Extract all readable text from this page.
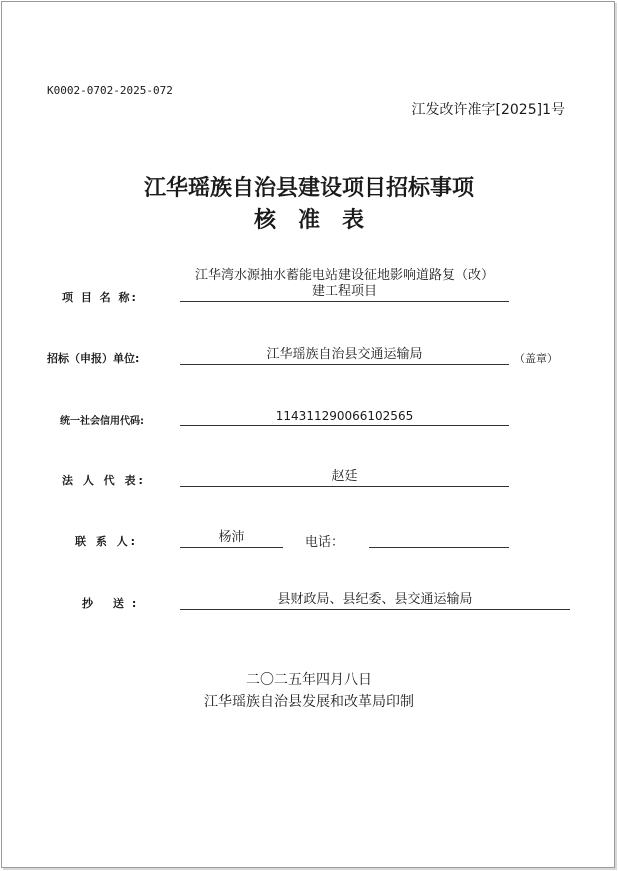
K0002-0702-2025-072
江发改许准字[2025]1号
江华瑶族自治县建设项目招标事项
核准表
项 目 名 称:
江华湾水源抽水蓄能电站建设征地影响道路复（改）建工程项目
招标（申报）单位:	江华瑶族自治县交通运输局	（盖章）
统一社会信用代码:	114311290066102565
法 人 代 表:	赵廷
联 系 人:	杨沛	电话：
抄 送:	县财政局、县纪委、县交通运输局
二〇二五年四月八日
江华瑶族自治县发展和改革局印制
